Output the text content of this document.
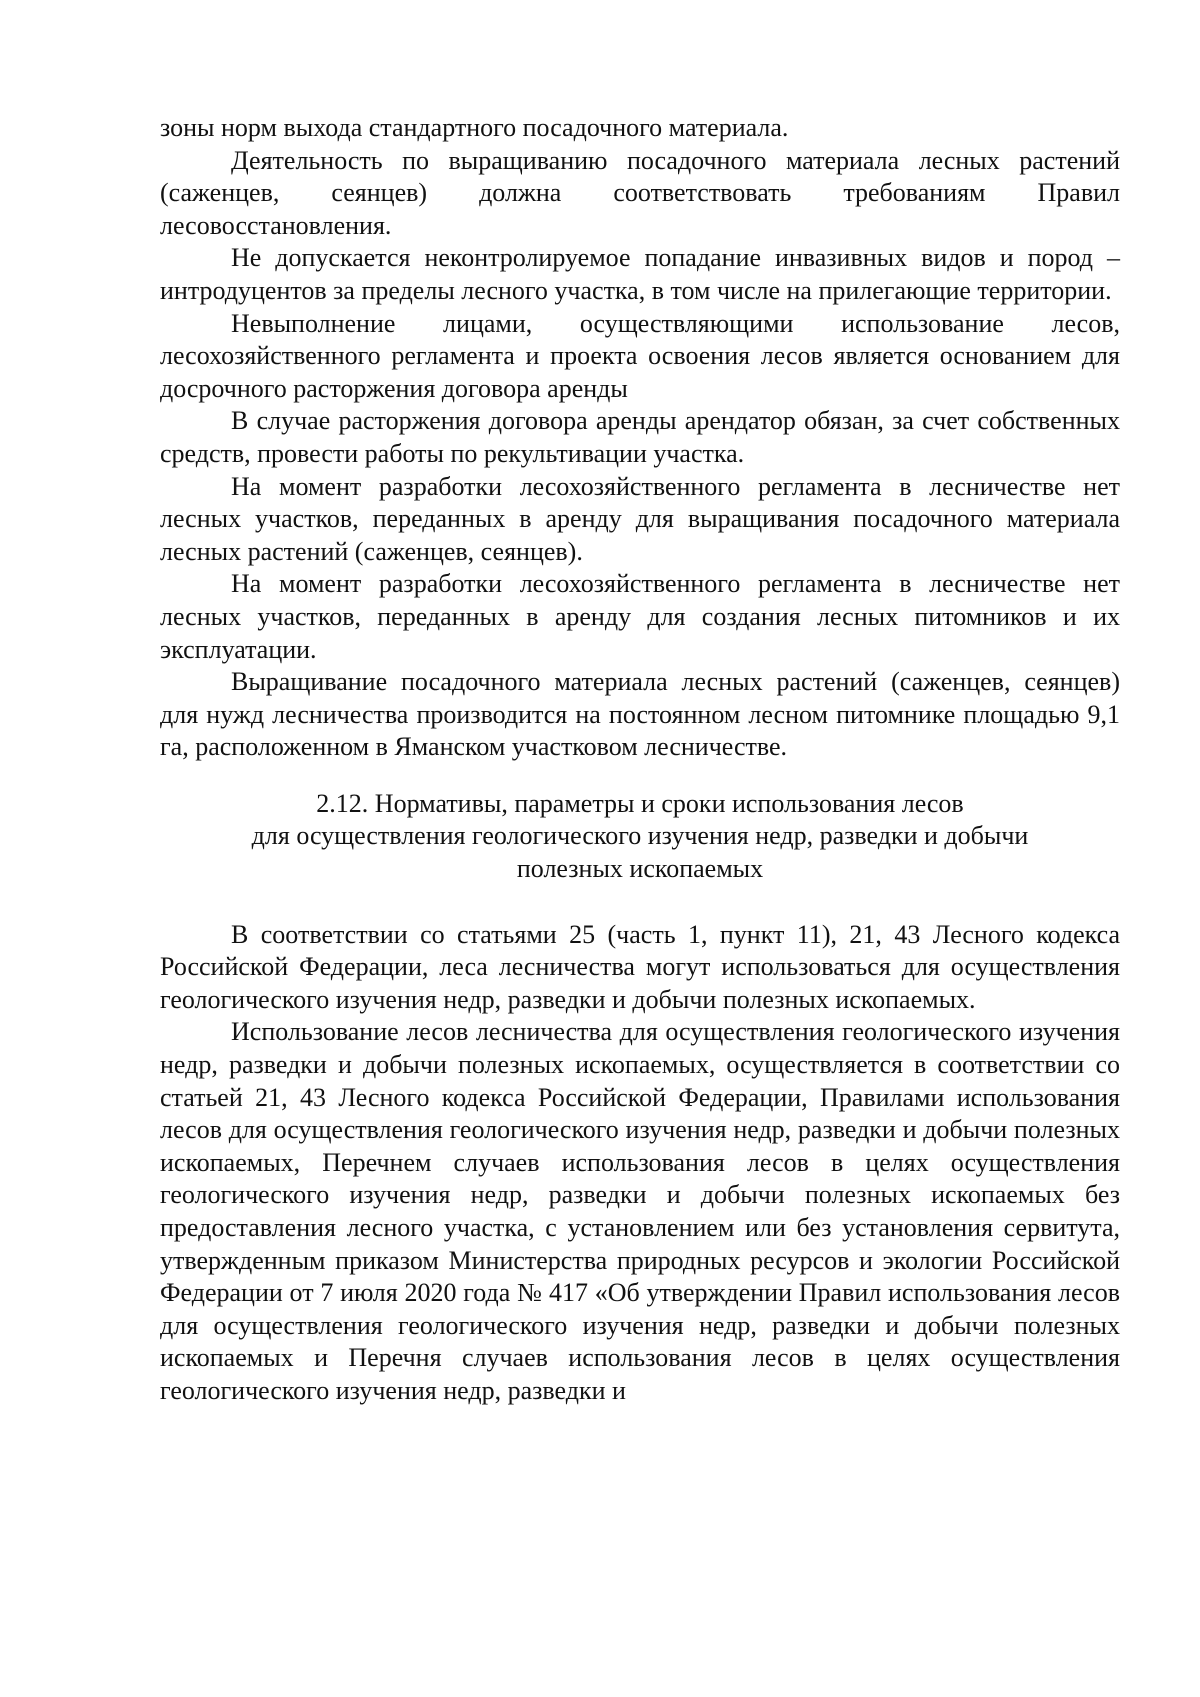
зоны норм выхода стандартного посадочного материала.

Деятельность по выращиванию посадочного материала лесных растений (саженцев, сеянцев) должна соответствовать требованиям Правил лесовосстановления.

Не допускается неконтролируемое попадание инвазивных видов и пород – интродуцентов за пределы лесного участка, в том числе на прилегающие территории.

Невыполнение лицами, осуществляющими использование лесов, лесохозяйственного регламента и проекта освоения лесов является основанием для досрочного расторжения договора аренды

В случае расторжения договора аренды арендатор обязан, за счет собственных средств, провести работы по рекультивации участка.

На момент разработки лесохозяйственного регламента в лесничестве нет лесных участков, переданных в аренду для выращивания посадочного материала лесных растений (саженцев, сеянцев).

На момент разработки лесохозяйственного регламента в лесничестве нет лесных участков, переданных в аренду для создания лесных питомников и их эксплуатации.

Выращивание посадочного материала лесных растений (саженцев, сеянцев) для нужд лесничества производится на постоянном лесном питомнике площадью 9,1 га, расположенном в Яманском участковом лесничестве.

2.12. Нормативы, параметры и сроки использования лесов
для осуществления геологического изучения недр, разведки и добычи
полезных ископаемых

В соответствии со статьями 25 (часть 1, пункт 11), 21, 43 Лесного кодекса Российской Федерации, леса лесничества могут использоваться для осуществления геологического изучения недр, разведки и добычи полезных ископаемых.

Использование лесов лесничества для осуществления геологического изучения недр, разведки и добычи полезных ископаемых, осуществляется в соответствии со статьей 21, 43 Лесного кодекса Российской Федерации, Правилами использования лесов для осуществления геологического изучения недр, разведки и добычи полезных ископаемых, Перечнем случаев использования лесов в целях осуществления геологического изучения недр, разведки и добычи полезных ископаемых без предоставления лесного участка, с установлением или без установления сервитута, утвержденным приказом Министерства природных ресурсов и экологии Российской Федерации от 7 июля 2020 года № 417 «Об утверждении Правил использования лесов для осуществления геологического изучения недр, разведки и добычи полезных ископаемых и Перечня случаев использования лесов в целях осуществления геологического изучения недр, разведки и
